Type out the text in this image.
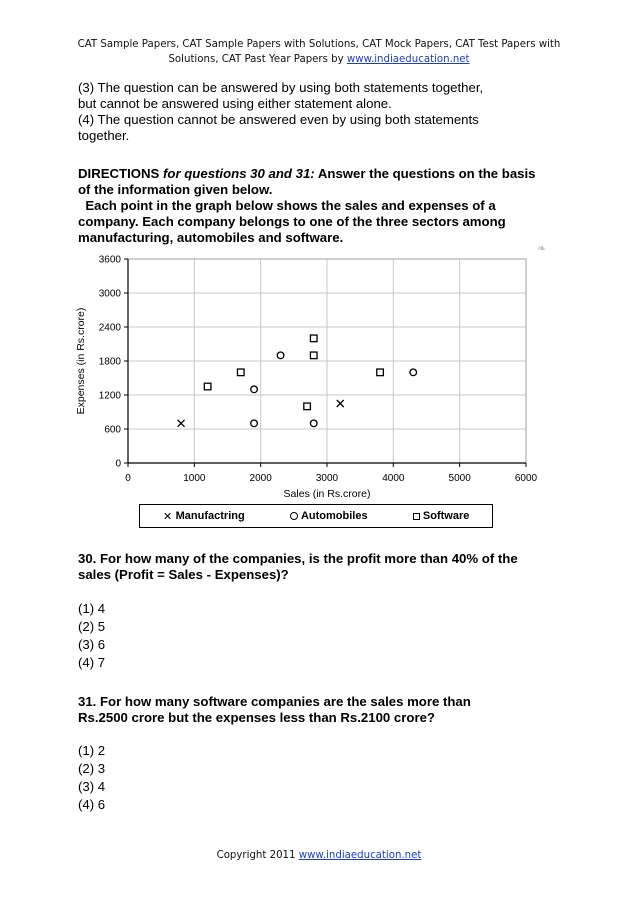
CAT Sample Papers, CAT Sample Papers with Solutions, CAT Mock Papers, CAT Test Papers with
Solutions, CAT Past Year Papers by www.indiaeducation.net
(3) The question can be answered by using both statements together,
but cannot be answered using either statement alone.
(4) The question cannot be answered even by using both statements
together.
DIRECTIONS for questions 30 and 31: Answer the questions on the basis
of the information given below.
Each point in the graph below shows the sales and expenses of a
company. Each company belongs to one of the three sectors among
manufacturing, automobiles and software.
❧
0	1000	2000	3000	4000	5000	6000
0
600
1200
1800
2400
3000
3600
Sales (in Rs.crore)
Expenses (in Rs.crore)
✕ Manufactring	Automobiles	Software
30. For how many of the companies, is the profit more than 40% of the
sales (Profit = Sales - Expenses)?
(1) 4
(2) 5
(3) 6
(4) 7
31. For how many software companies are the sales more than
Rs.2500 crore but the expenses less than Rs.2100 crore?
(1) 2
(2) 3
(3) 4
(4) 6
Copyright 2011 www.indiaeducation.net
